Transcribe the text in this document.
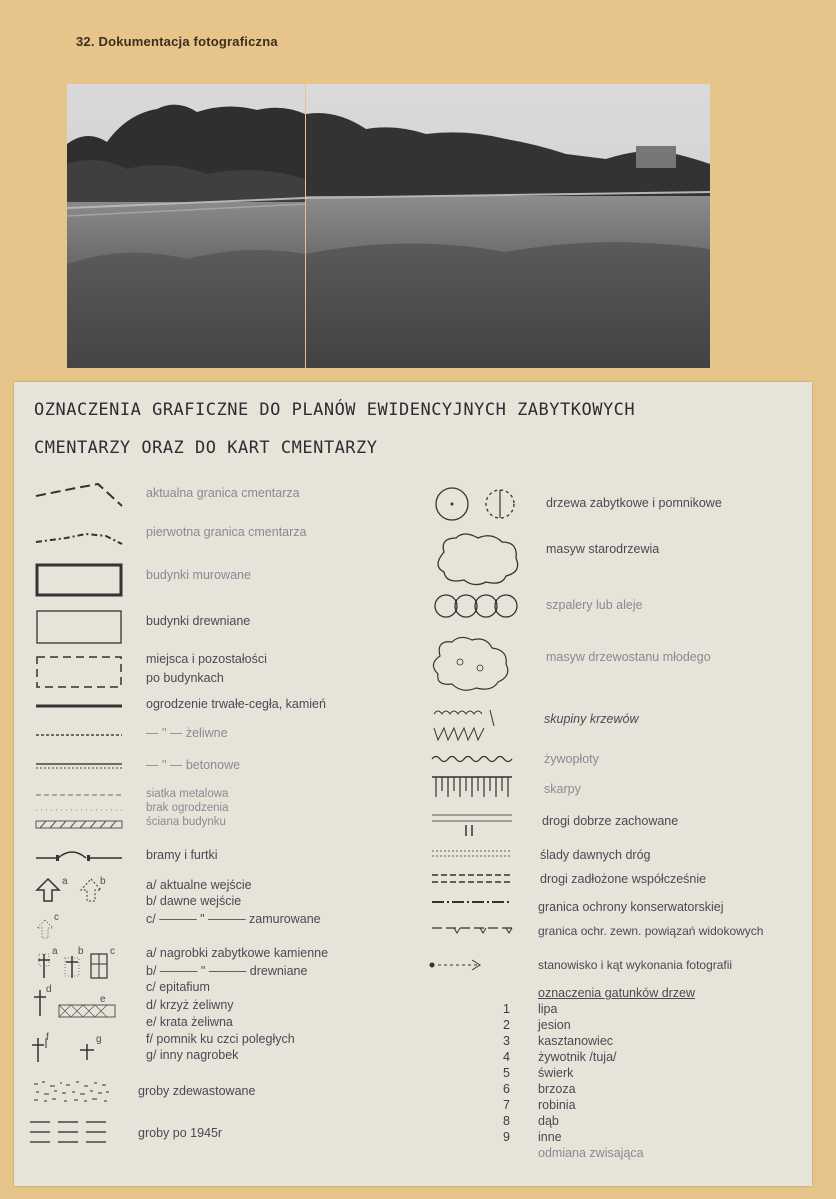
32. Dokumentacja fotograficzna
OZNACZENIA GRAFICZNE DO PLANÓW EWIDENCYJNYCH ZABYTKOWYCH
CMENTARZY ORAZ DO KART CMENTARZY
a	b
c
a b	c
d
e
f	g
aktualna granica cmentarza
pierwotna granica cmentarza
budynki murowane
budynki drewniane
miejsca i pozostałości
po budynkach
ogrodzenie trwałe-cegła, kamień
— " — żeliwne
— " — betonowe
siatka metalowa
brak ogrodzenia
ściana budynku
bramy i furtki
a/ aktualne wejście
b/ dawne wejście
c/ ——— " ——— zamurowane
a/ nagrobki zabytkowe kamienne
b/ ——— " ——— drewniane
c/ epitafium
d/ krzyż żeliwny
e/ krata żeliwna
f/ pomnik ku czci poległych
g/ inny nagrobek
groby zdewastowane
groby po 1945r
drzewa zabytkowe i pomnikowe
masyw starodrzewia
szpalery lub aleje
masyw drzewostanu młodego
skupiny krzewów
żywopłoty
skarpy
drogi dobrze zachowane
ślady dawnych dróg
drogi zadłożone współcześnie
granica ochrony konserwatorskiej
granica ochr. zewn. powiązań widokowych
stanowisko i kąt wykonania fotografii
oznaczenia gatunków drzew
1 lipa
2 jesion
3 kasztanowiec
4 żywotnik /tuja/
5 świerk
6 brzoza
7 robinia
8 dąb
9 inne
odmiana zwisająca
